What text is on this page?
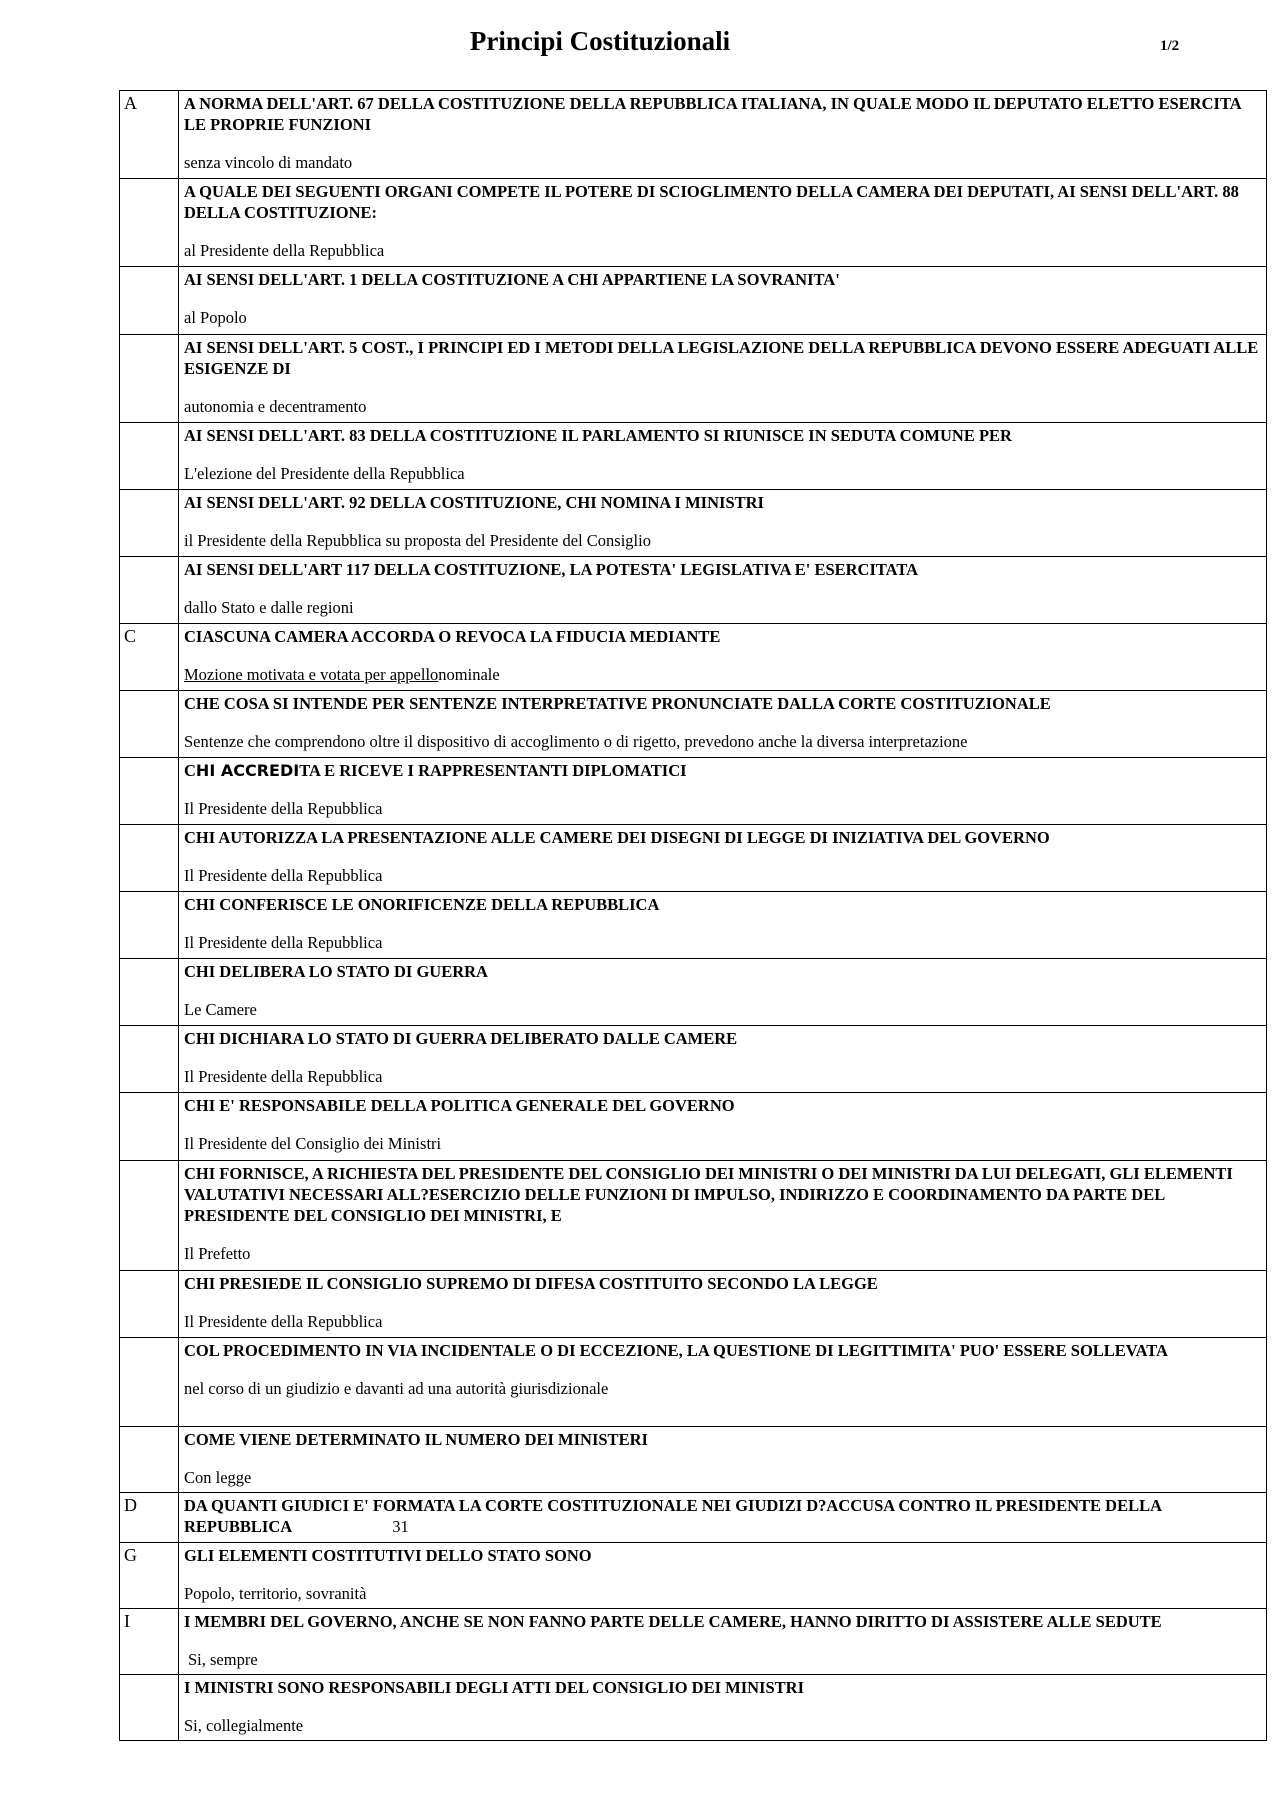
Principi Costituzionali	1/2
A	A NORMA DELL'ART. 67 DELLA COSTITUZIONE DELLA REPUBBLICA ITALIANA, IN QUALE MODO IL DEPUTATO ELETTO ESERCITA LE PROPRIE FUNZIONI

senza vincolo di mandato

	A QUALE DEI SEGUENTI ORGANI COMPETE IL POTERE DI SCIOGLIMENTO DELLA CAMERA DEI DEPUTATI, AI SENSI DELL'ART. 88 DELLA COSTITUZIONE:

al Presidente della Repubblica

	AI SENSI DELL'ART. 1 DELLA COSTITUZIONE A CHI APPARTIENE LA SOVRANITA'

al Popolo

	AI SENSI DELL'ART. 5 COST., I PRINCIPI ED I METODI DELLA LEGISLAZIONE DELLA REPUBBLICA DEVONO ESSERE ADEGUATI ALLE ESIGENZE DI

autonomia e decentramento

	AI SENSI DELL'ART. 83 DELLA COSTITUZIONE IL PARLAMENTO SI RIUNISCE IN SEDUTA COMUNE PER

L'elezione del Presidente della Repubblica

	AI SENSI DELL'ART. 92 DELLA COSTITUZIONE, CHI NOMINA I MINISTRI

il Presidente della Repubblica su proposta del Presidente del Consiglio

	AI SENSI DELL'ART 117 DELLA COSTITUZIONE, LA POTESTA' LEGISLATIVA E' ESERCITATA

dallo Stato e dalle regioni

C	CIASCUNA CAMERA ACCORDA O REVOCA LA FIDUCIA MEDIANTE

Mozione motivata e votata per appellonominale

	CHE COSA SI INTENDE PER SENTENZE INTERPRETATIVE PRONUNCIATE DALLA CORTE COSTITUZIONALE

Sentenze che comprendono oltre il dispositivo di accoglimento o di rigetto, prevedono anche la diversa interpretazione

	CHI ACCREDITA E RICEVE I RAPPRESENTANTI DIPLOMATICI

Il Presidente della Repubblica

	CHI AUTORIZZA LA PRESENTAZIONE ALLE CAMERE DEI DISEGNI DI LEGGE DI INIZIATIVA DEL GOVERNO

Il Presidente della Repubblica

	CHI CONFERISCE LE ONORIFICENZE DELLA REPUBBLICA

Il Presidente della Repubblica

	CHI DELIBERA LO STATO DI GUERRA

Le Camere

	CHI DICHIARA LO STATO DI GUERRA DELIBERATO DALLE CAMERE

Il Presidente della Repubblica

	CHI E' RESPONSABILE DELLA POLITICA GENERALE DEL GOVERNO

Il Presidente del Consiglio dei Ministri

	CHI FORNISCE, A RICHIESTA DEL PRESIDENTE DEL CONSIGLIO DEI MINISTRI O DEI MINISTRI DA LUI DELEGATI, GLI ELEMENTI VALUTATIVI NECESSARI ALL?ESERCIZIO DELLE FUNZIONI DI IMPULSO, INDIRIZZO E COORDINAMENTO DA PARTE DEL PRESIDENTE DEL CONSIGLIO DEI MINISTRI, E

Il Prefetto

	CHI PRESIEDE IL CONSIGLIO SUPREMO DI DIFESA COSTITUITO SECONDO LA LEGGE

Il Presidente della Repubblica

	COL PROCEDIMENTO IN VIA INCIDENTALE O DI ECCEZIONE, LA QUESTIONE DI LEGITTIMITA' PUO' ESSERE SOLLEVATA

nel corso di un giudizio e davanti ad una autorità giurisdizionale

	COME VIENE DETERMINATO IL NUMERO DEI MINISTERI

Con legge

D	DA QUANTI GIUDICI E' FORMATA LA CORTE COSTITUZIONALE NEI GIUDIZI D?ACCUSA CONTRO IL PRESIDENTE DELLA REPUBBLICA 31

G	GLI ELEMENTI COSTITUTIVI DELLO STATO SONO

Popolo, territorio, sovranità

I	I MEMBRI DEL GOVERNO, ANCHE SE NON FANNO PARTE DELLE CAMERE, HANNO DIRITTO DI ASSISTERE ALLE SEDUTE

Si, sempre

	I MINISTRI SONO RESPONSABILI DEGLI ATTI DEL CONSIGLIO DEI MINISTRI

Si, collegialmente
